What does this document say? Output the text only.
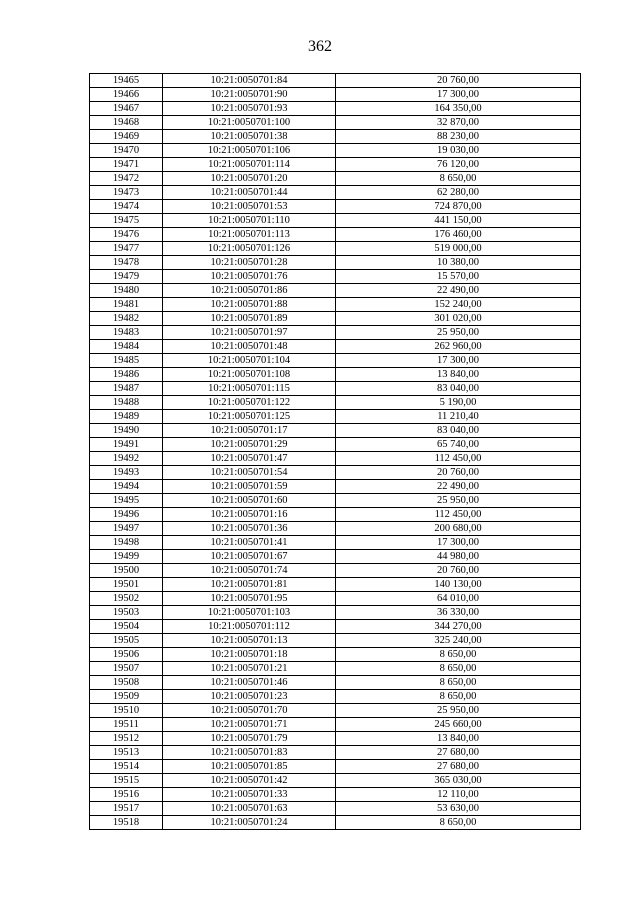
362
19465	10:21:0050701:84	20 760,00
19466	10:21:0050701:90	17 300,00
19467	10:21:0050701:93	164 350,00
19468	10:21:0050701:100	32 870,00
19469	10:21:0050701:38	88 230,00
19470	10:21:0050701:106	19 030,00
19471	10:21:0050701:114	76 120,00
19472	10:21:0050701:20	8 650,00
19473	10:21:0050701:44	62 280,00
19474	10:21:0050701:53	724 870,00
19475	10:21:0050701:110	441 150,00
19476	10:21:0050701:113	176 460,00
19477	10:21:0050701:126	519 000,00
19478	10:21:0050701:28	10 380,00
19479	10:21:0050701:76	15 570,00
19480	10:21:0050701:86	22 490,00
19481	10:21:0050701:88	152 240,00
19482	10:21:0050701:89	301 020,00
19483	10:21:0050701:97	25 950,00
19484	10:21:0050701:48	262 960,00
19485	10:21:0050701:104	17 300,00
19486	10:21:0050701:108	13 840,00
19487	10:21:0050701:115	83 040,00
19488	10:21:0050701:122	5 190,00
19489	10:21:0050701:125	11 210,40
19490	10:21:0050701:17	83 040,00
19491	10:21:0050701:29	65 740,00
19492	10:21:0050701:47	112 450,00
19493	10:21:0050701:54	20 760,00
19494	10:21:0050701:59	22 490,00
19495	10:21:0050701:60	25 950,00
19496	10:21:0050701:16	112 450,00
19497	10:21:0050701:36	200 680,00
19498	10:21:0050701:41	17 300,00
19499	10:21:0050701:67	44 980,00
19500	10:21:0050701:74	20 760,00
19501	10:21:0050701:81	140 130,00
19502	10:21:0050701:95	64 010,00
19503	10:21:0050701:103	36 330,00
19504	10:21:0050701:112	344 270,00
19505	10:21:0050701:13	325 240,00
19506	10:21:0050701:18	8 650,00
19507	10:21:0050701:21	8 650,00
19508	10:21:0050701:46	8 650,00
19509	10:21:0050701:23	8 650,00
19510	10:21:0050701:70	25 950,00
19511	10:21:0050701:71	245 660,00
19512	10:21:0050701:79	13 840,00
19513	10:21:0050701:83	27 680,00
19514	10:21:0050701:85	27 680,00
19515	10:21:0050701:42	365 030,00
19516	10:21:0050701:33	12 110,00
19517	10:21:0050701:63	53 630,00
19518	10:21:0050701:24	8 650,00
